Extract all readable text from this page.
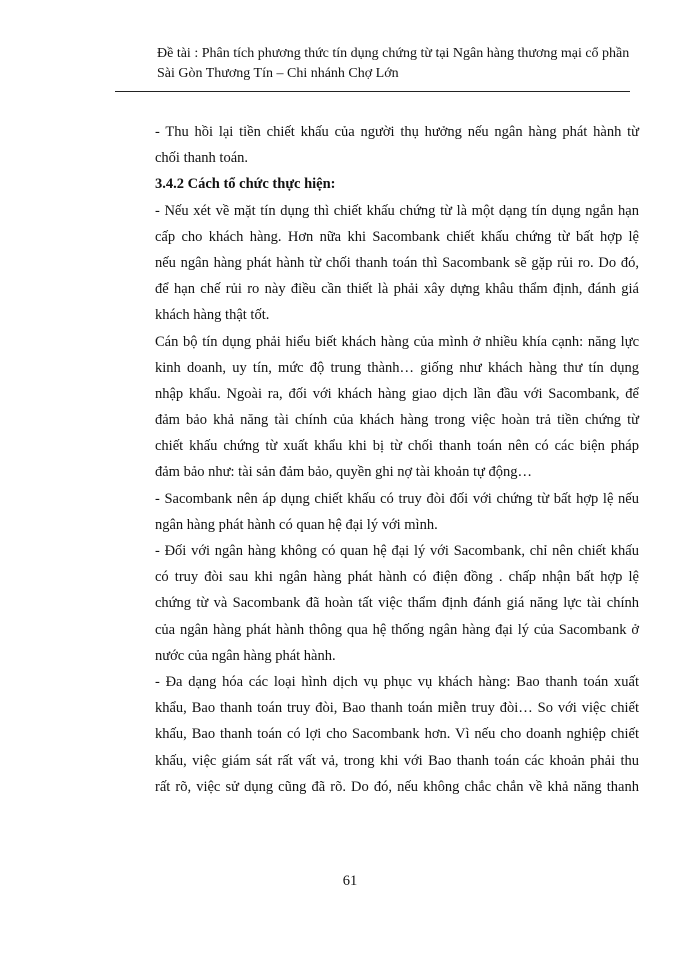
Đề tài : Phân tích phương thức tín dụng chứng từ tại Ngân hàng thương mại cổ phần
Sài Gòn Thương Tín – Chi nhánh Chợ Lớn
- Thu hồi lại tiền chiết khấu của người thụ hưởng nếu ngân hàng phát hành từ
chối thanh toán.
3.4.2 Cách tổ chức thực hiện:
- Nếu xét về mặt tín dụng thì chiết khấu chứng từ là một dạng tín dụng ngắn hạn
cấp cho khách hàng. Hơn nữa khi Sacombank chiết khấu chứng từ bất hợp lệ
nếu ngân hàng phát hành từ chối thanh toán thì Sacombank sẽ gặp rủi ro. Do đó,
để hạn chế rủi ro này điều cần thiết là phải xây dựng khâu thẩm định, đánh giá
khách hàng thật tốt.
Cán bộ tín dụng phải hiểu biết khách hàng của mình ở nhiều khía cạnh: năng lực
kinh doanh, uy tín, mức độ trung thành… giống như khách hàng thư tín dụng
nhập khẩu. Ngoài ra, đối với khách hàng giao dịch lần đầu với Sacombank, để
đảm bảo khả năng tài chính của khách hàng trong việc hoàn trả tiền chứng từ
chiết khấu chứng từ xuất khẩu khi bị từ chối thanh toán nên có các biện pháp
đảm bảo như: tài sản đảm bảo, quyền ghi nợ tài khoản tự động…
- Sacombank nên áp dụng chiết khấu có truy đòi đối với chứng từ bất hợp lệ nếu
ngân hàng phát hành có quan hệ đại lý với mình.
- Đối với ngân hàng không có quan hệ đại lý với Sacombank, chỉ nên chiết khấu
có truy đòi sau khi ngân hàng phát hành có điện đồng . chấp nhận bất hợp lệ
chứng từ và Sacombank đã hoàn tất việc thẩm định đánh giá năng lực tài chính
của ngân hàng phát hành thông qua hệ thống ngân hàng đại lý của Sacombank ở
nước của ngân hàng phát hành.
- Đa dạng hóa các loại hình dịch vụ phục vụ khách hàng: Bao thanh toán xuất
khẩu, Bao thanh toán truy đòi, Bao thanh toán miễn truy đòi… So với việc chiết
khấu, Bao thanh toán có lợi cho Sacombank hơn. Vì nếu cho doanh nghiệp chiết
khấu, việc giám sát rất vất vả, trong khi với Bao thanh toán các khoản phải thu
rất rõ, việc sử dụng cũng đã rõ. Do đó, nếu không chắc chắn về khả năng thanh
61
